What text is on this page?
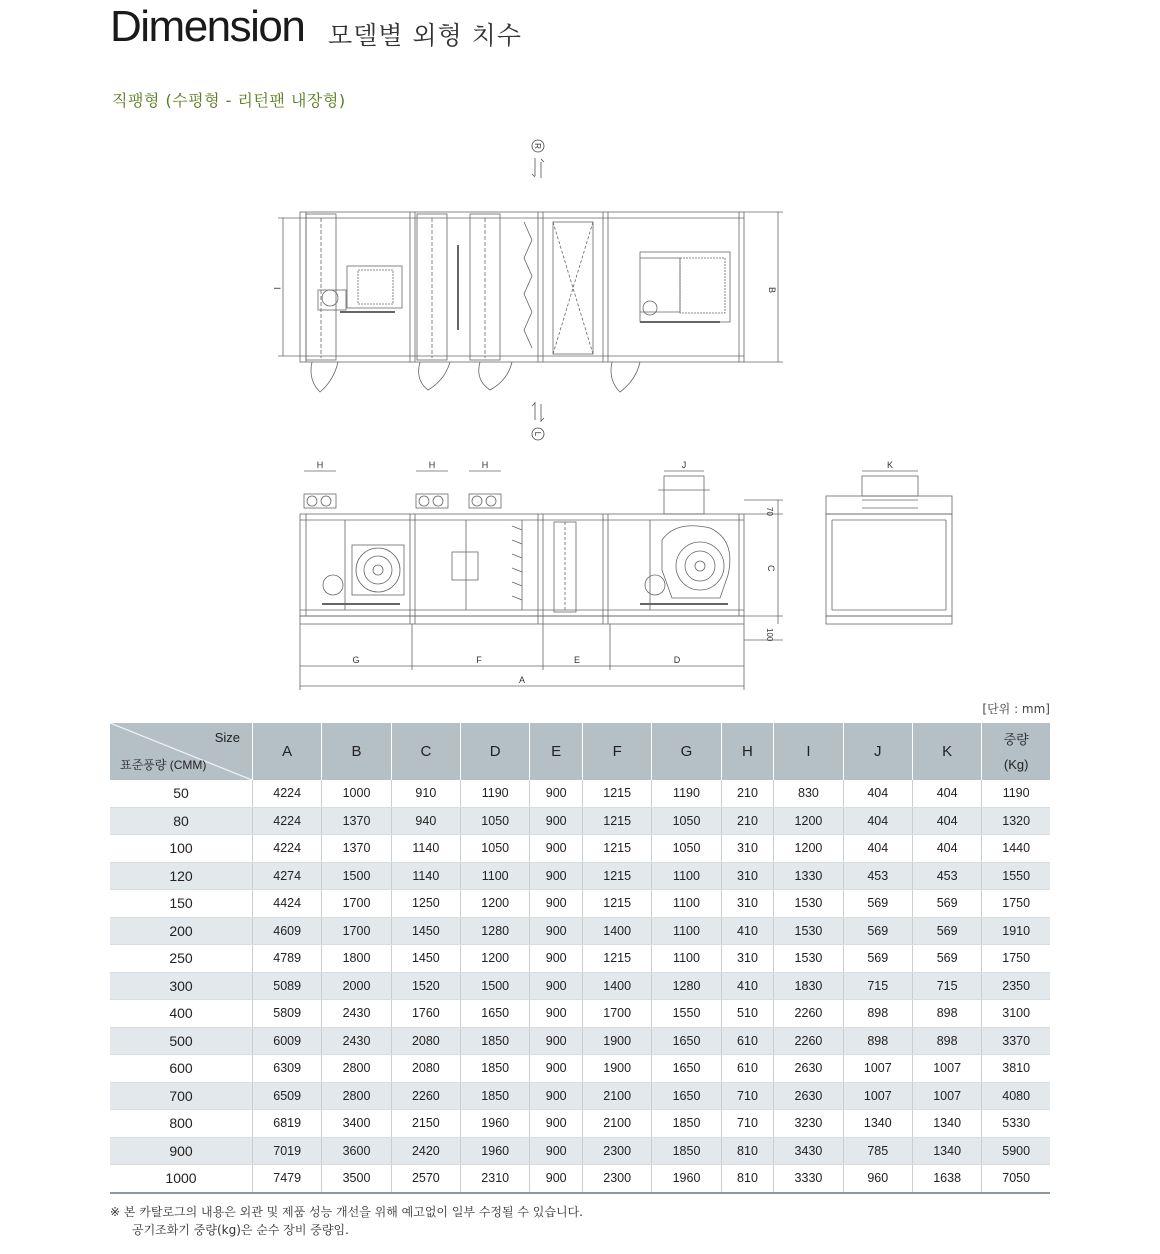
Dimension 모델별 외형 치수
직팽형 (수평형 - 리턴팬 내장형)
R
I	B
L
H	H	H	J
70
C
100
G	F	E	D
A
K
[단위 : mm]
Size
표준풍량 (CMM)	A	B	C	D	E	F	G	H	I	J	K	중량
(Kg)

50	4224	1000	910	1190	900	1215	1190	210	830	404	404	1190
80	4224	1370	940	1050	900	1215	1050	210	1200	404	404	1320
100	4224	1370	1140	1050	900	1215	1050	310	1200	404	404	1440
120	4274	1500	1140	1100	900	1215	1100	310	1330	453	453	1550
150	4424	1700	1250	1200	900	1215	1100	310	1530	569	569	1750
200	4609	1700	1450	1280	900	1400	1100	410	1530	569	569	1910
250	4789	1800	1450	1200	900	1215	1100	310	1530	569	569	1750
300	5089	2000	1520	1500	900	1400	1280	410	1830	715	715	2350
400	5809	2430	1760	1650	900	1700	1550	510	2260	898	898	3100
500	6009	2430	2080	1850	900	1900	1650	610	2260	898	898	3370
600	6309	2800	2080	1850	900	1900	1650	610	2630	1007	1007	3810
700	6509	2800	2260	1850	900	2100	1650	710	2630	1007	1007	4080
800	6819	3400	2150	1960	900	2100	1850	710	3230	1340	1340	5330
900	7019	3600	2420	1960	900	2300	1850	810	3430	785	1340	5900
1000	7479	3500	2570	2310	900	2300	1960	810	3330	960	1638	7050
※ 본 카탈로그의 내용은 외관 및 제품 성능 개선을 위해 예고없이 일부 수정될 수 있습니다.
공기조화기 중량(kg)은 순수 장비 중량임.
